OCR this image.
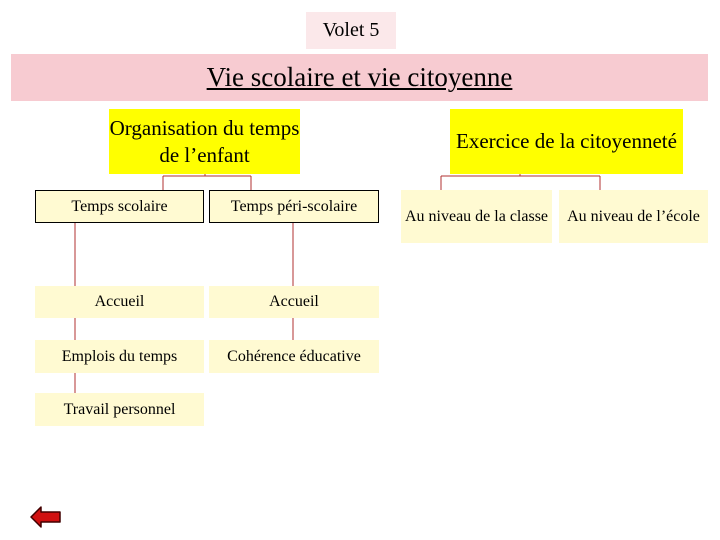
Volet 5
Vie scolaire et vie citoyenne
Organisation du temps de l’enfant
Exercice de la citoyenneté
Temps scolaire	Temps péri-scolaire
Au niveau de la classe Au niveau de l’école
Accueil	Accueil
Emplois du temps	Cohérence éducative
Travail personnel
